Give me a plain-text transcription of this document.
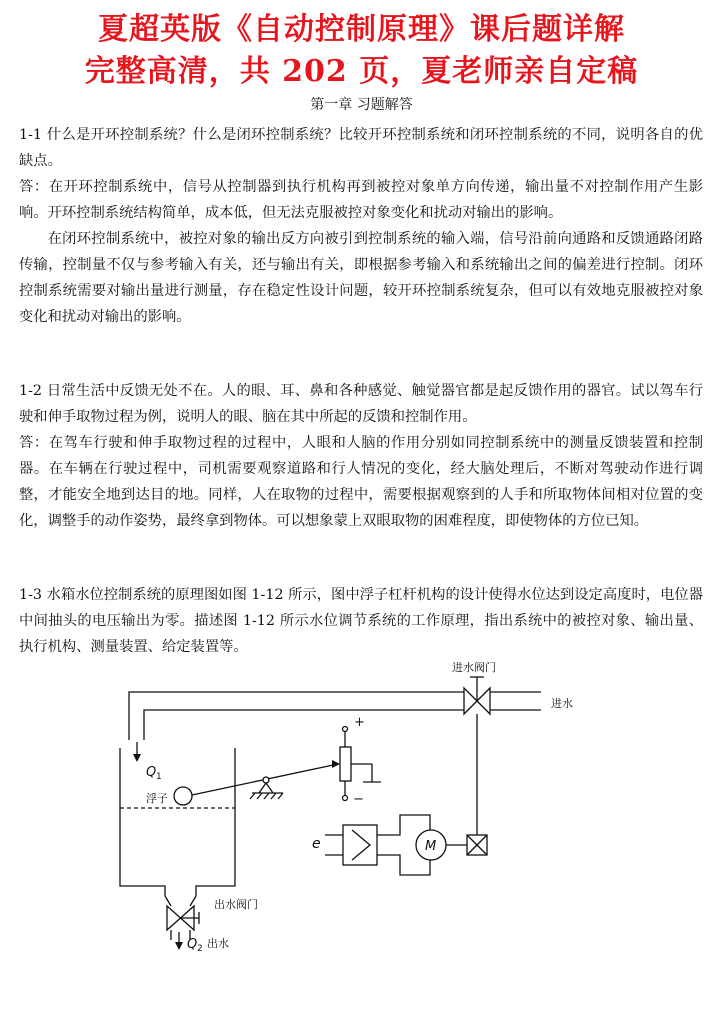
夏超英版《自动控制原理》课后题详解
完整高清，共 202 页，夏老师亲自定稿
第一章 习题解答

1-1 什么是开环控制系统？什么是闭环控制系统？比较开环控制系统和闭环控制系统的不同，说明各自的优缺点。

答：在开环控制系统中，信号从控制器到执行机构再到被控对象单方向传递，输出量不对控制作用产生影响。开环控制系统结构简单，成本低，但无法克服被控对象变化和扰动对输出的影响。

在闭环控制系统中，被控对象的输出反方向被引到控制系统的输入端，信号沿前向通路和反馈通路闭路传输，控制量不仅与参考输入有关，还与输出有关，即根据参考输入和系统输出之间的偏差进行控制。闭环控制系统需要对输出量进行测量，存在稳定性设计问题，较开环控制系统复杂，但可以有效地克服被控对象变化和扰动对输出的影响。

1-2 日常生活中反馈无处不在。人的眼、耳、鼻和各种感觉、触觉器官都是起反馈作用的器官。试以驾车行驶和伸手取物过程为例，说明人的眼、脑在其中所起的反馈和控制作用。

答：在驾车行驶和伸手取物过程的过程中，人眼和人脑的作用分别如同控制系统中的测量反馈装置和控制器。在车辆在行驶过程中，司机需要观察道路和行人情况的变化，经大脑处理后，不断对驾驶动作进行调整，才能安全地到达目的地。同样，人在取物的过程中，需要根据观察到的人手和所取物体间相对位置的变化，调整手的动作姿势，最终拿到物体。可以想象蒙上双眼取物的困难程度，即使物体的方位已知。

1-3 水箱水位控制系统的原理图如图 1-12 所示，图中浮子杠杆机构的设计使得水位达到设定高度时，电位器中间抽头的电压输出为零。描述图 1-12 所示水位调节系统的工作原理，指出系统中的被控对象、输出量、执行机构、测量装置、给定装置等。

进水阀门
进水
Q 1
浮子
+
−
e	M
出水阀门
Q 2 出水
